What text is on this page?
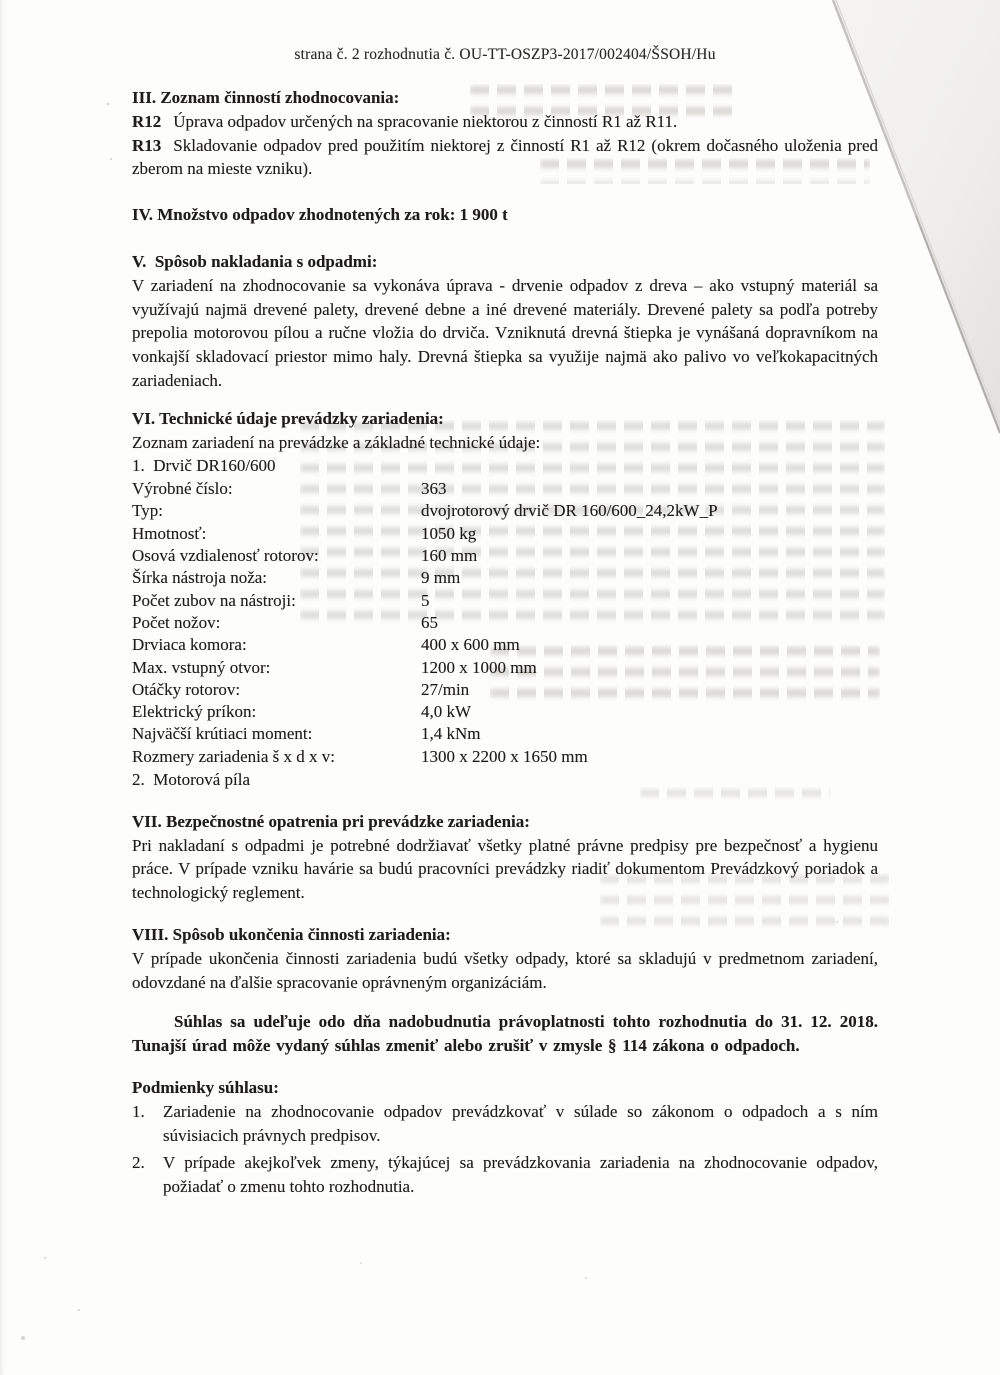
strana č. 2 rozhodnutia č. OU-TT-OSZP3-2017/002404/ŠSOH/Hu
III. Zoznam činností zhodnocovania:
R12 Úprava odpadov určených na spracovanie niektorou z činností R1 až R11.
R13 Skladovanie odpadov pred použitím niektorej z činností R1 až R12 (okrem dočasného uloženia pred zberom na mieste vzniku).
IV. Množstvo odpadov zhodnotených za rok: 1 900 t
V.  Spôsob nakladania s odpadmi:
V zariadení na zhodnocovanie sa vykonáva úprava - drvenie odpadov z dreva – ako vstupný materiál sa využívajú najmä drevené palety, drevené debne a iné drevené materiály. Drevené palety sa podľa potreby prepolia motorovou pílou a ručne vložia do drviča. Vzniknutá drevná štiepka je vynášaná dopravníkom na vonkajší skladovací priestor mimo haly. Drevná štiepka sa využije najmä ako palivo vo veľkokapacitných zariadeniach.
VI. Technické údaje prevádzky zariadenia:
Zoznam zariadení na prevádzke a základné technické údaje:
1.  Drvič DR160/600
Výrobné číslo:	363
Typ:	dvojrotorový drvič DR 160/600_24,2kW_P
Hmotnosť:	1050 kg
Osová vzdialenosť rotorov:	160 mm
Šírka nástroja noža:	9 mm
Počet zubov na nástroji:	5
Počet nožov:	65
Drviaca komora:	400 x 600 mm
Max. vstupný otvor:	1200 x 1000 mm
Otáčky rotorov:	27/min
Elektrický príkon:	4,0 kW
Najväčší krútiaci moment:	1,4 kNm
Rozmery zariadenia š x d x v:	1300 x 2200 x 1650 mm
2.  Motorová píla
VII. Bezpečnostné opatrenia pri prevádzke zariadenia:
Pri nakladaní s odpadmi je potrebné dodržiavať všetky platné právne predpisy pre bezpečnosť a hygienu práce. V prípade vzniku havárie sa budú pracovníci prevádzky riadiť dokumentom Prevádzkový poriadok a technologický reglement.
VIII. Spôsob ukončenia činnosti zariadenia:
V prípade ukončenia činnosti zariadenia budú všetky odpady, ktoré sa skladujú v predmetnom zariadení, odovzdané na ďalšie spracovanie oprávneným organizáciám.
Súhlas sa udeľuje odo dňa nadobudnutia právoplatnosti tohto rozhodnutia do 31. 12. 2018. Tunajší úrad môže vydaný súhlas zmeniť alebo zrušiť v zmysle § 114 zákona o odpadoch.
Podmienky súhlasu:
1. Zariadenie na zhodnocovanie odpadov prevádzkovať v súlade so zákonom o odpadoch a s ním súvisiacich právnych predpisov.
2. V prípade akejkoľvek zmeny, týkajúcej sa prevádzkovania zariadenia na zhodnocovanie odpadov, požiadať o zmenu tohto rozhodnutia.
